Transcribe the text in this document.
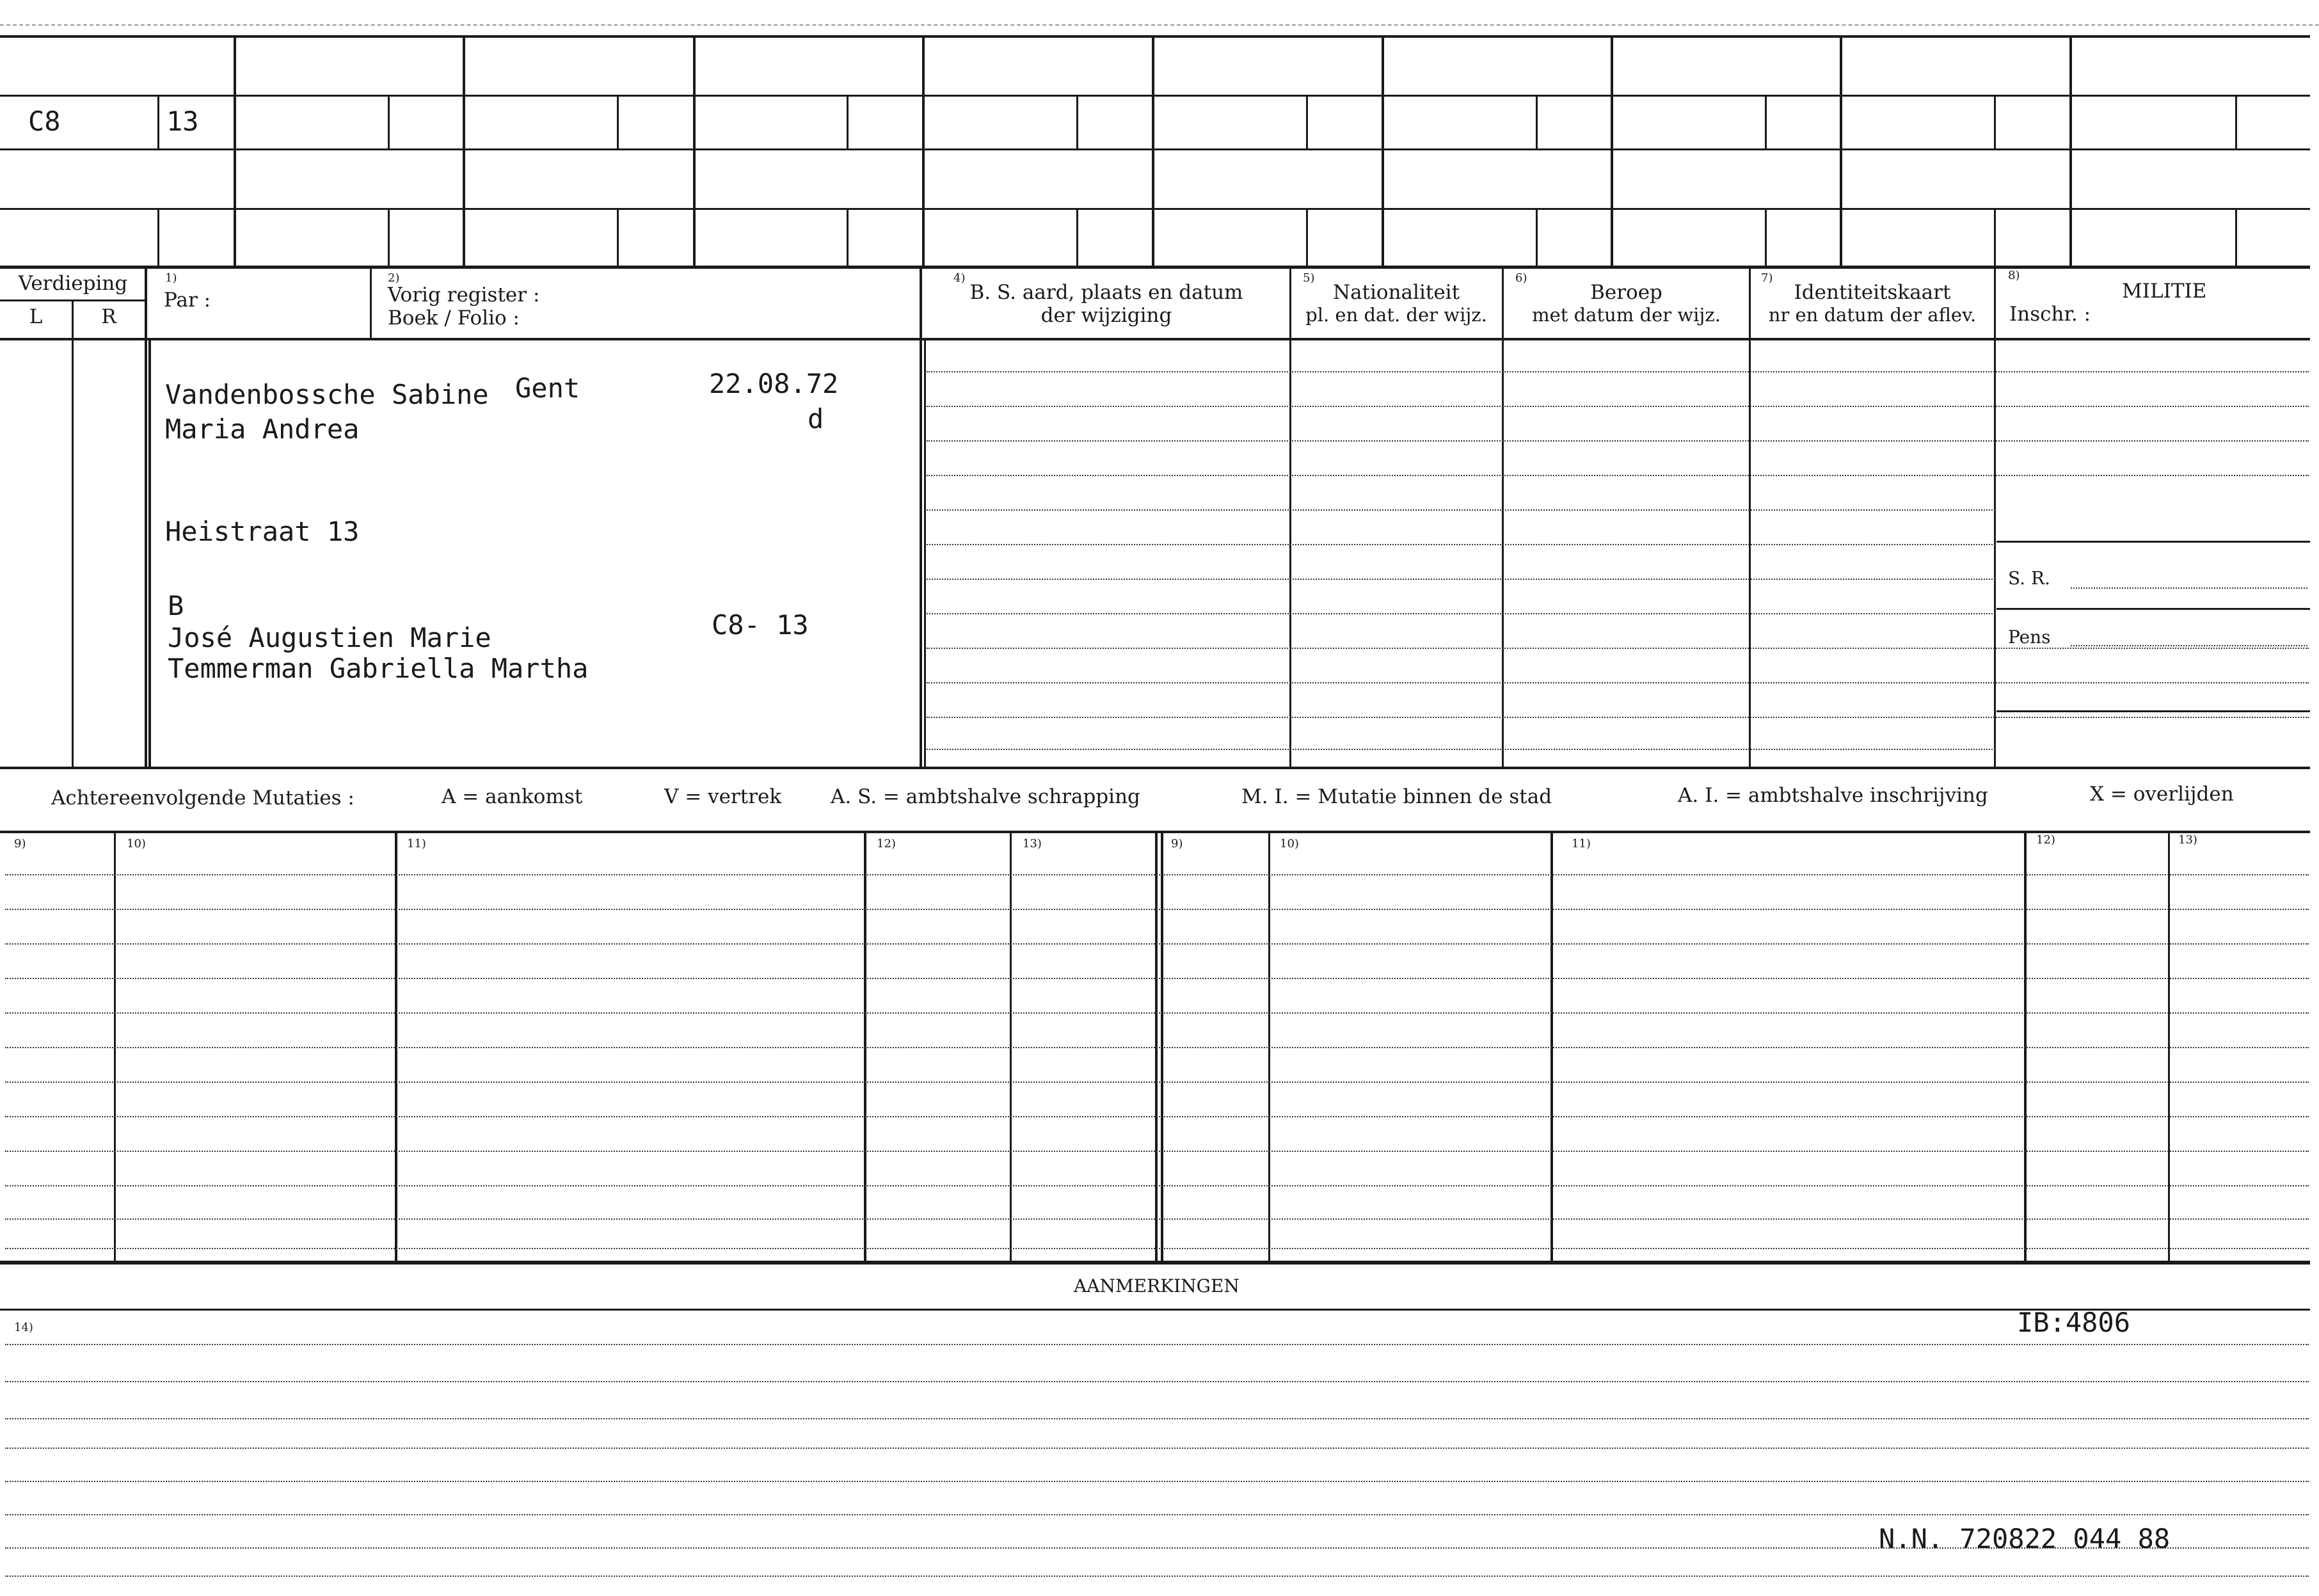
C8	13
Verdieping
L	R
1)
Par :
2)
Vorig register :
Boek / Folio :
4)
B. S. aard, plaats en datum
der wijziging
5)
Nationaliteit
pl. en dat. der wijz.
6)
Beroep
met datum der wijz.
7)
Identiteitskaart
nr en datum der aflev.
8)
MILITIE
Inschr. :
S. R.
Pens
Vandenbossche Sabine Gent	22.08.72
d
Maria Andrea
Heistraat 13
B
José Augustien Marie	C8- 13
Temmerman Gabriella Martha
Achtereenvolgende Mutaties :	A = aankomst	V = vertrek A. S. = ambtshalve schrapping	M. I. = Mutatie binnen de stad	A. I. = ambtshalve inschrijving	X = overlijden
9)	10)	11)	12)	13)	9)	10)	11)	12)	13)
AANMERKINGEN
14)	IB:4806
N.N. 720822 044 88
